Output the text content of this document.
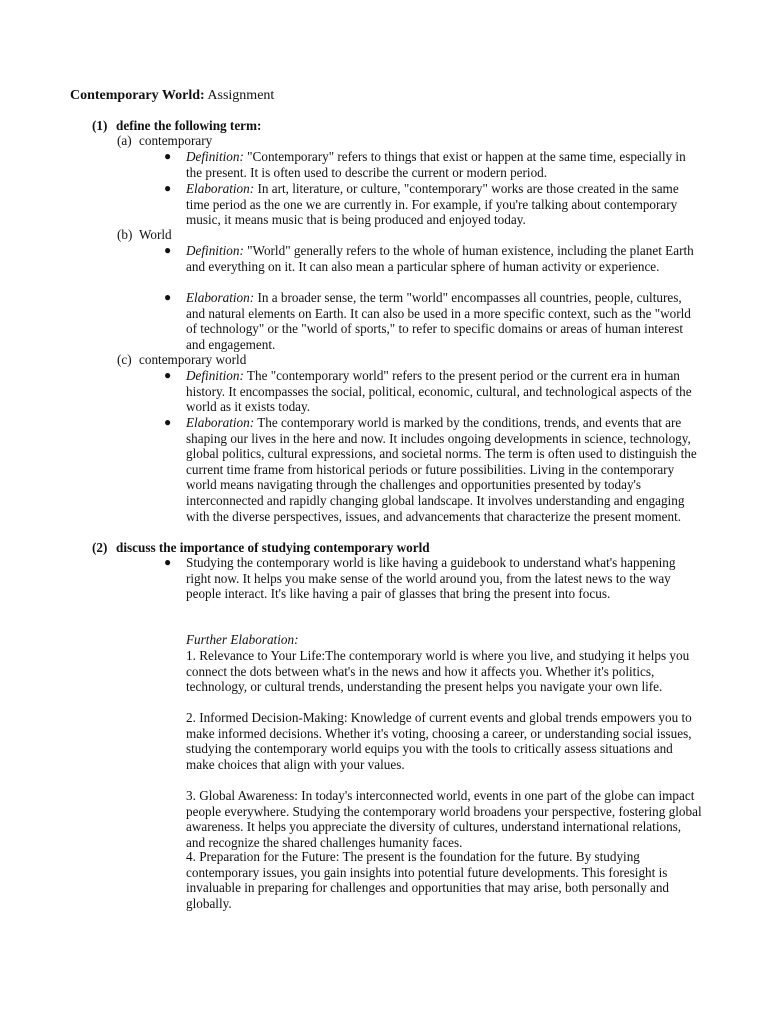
Contemporary World: Assignment
(1) define the following term:
(a) contemporary
● Definition: "Contemporary" refers to things that exist or happen at the same time, especially in the present. It is often used to describe the current or modern period.
● Elaboration: In art, literature, or culture, "contemporary" works are those created in the same time period as the one we are currently in. For example, if you're talking about contemporary music, it means music that is being produced and enjoyed today.
(b) World
● Definition: "World" generally refers to the whole of human existence, including the planet Earth and everything on it. It can also mean a particular sphere of human activity or experience.
● Elaboration: In a broader sense, the term "world" encompasses all countries, people, cultures, and natural elements on Earth. It can also be used in a more specific context, such as the "world of technology" or the "world of sports," to refer to specific domains or areas of human interest and engagement.
(c) contemporary world
● Definition: The "contemporary world" refers to the present period or the current era in human history. It encompasses the social, political, economic, cultural, and technological aspects of the world as it exists today.
● Elaboration: The contemporary world is marked by the conditions, trends, and events that are shaping our lives in the here and now. It includes ongoing developments in science, technology, global politics, cultural expressions, and societal norms. The term is often used to distinguish the current time frame from historical periods or future possibilities. Living in the contemporary world means navigating through the challenges and opportunities presented by today's interconnected and rapidly changing global landscape. It involves understanding and engaging with the diverse perspectives, issues, and advancements that characterize the present moment.
(2) discuss the importance of studying contemporary world
● Studying the contemporary world is like having a guidebook to understand what's happening right now. It helps you make sense of the world around you, from the latest news to the way people interact. It's like having a pair of glasses that bring the present into focus.
Further Elaboration:
1. Relevance to Your Life:The contemporary world is where you live, and studying it helps you connect the dots between what's in the news and how it affects you. Whether it's politics, technology, or cultural trends, understanding the present helps you navigate your own life.
2. Informed Decision-Making: Knowledge of current events and global trends empowers you to make informed decisions. Whether it's voting, choosing a career, or understanding social issues, studying the contemporary world equips you with the tools to critically assess situations and make choices that align with your values.
3. Global Awareness: In today's interconnected world, events in one part of the globe can impact people everywhere. Studying the contemporary world broadens your perspective, fostering global awareness. It helps you appreciate the diversity of cultures, understand international relations, and recognize the shared challenges humanity faces.
4. Preparation for the Future: The present is the foundation for the future. By studying contemporary issues, you gain insights into potential future developments. This foresight is invaluable in preparing for challenges and opportunities that may arise, both personally and globally.
